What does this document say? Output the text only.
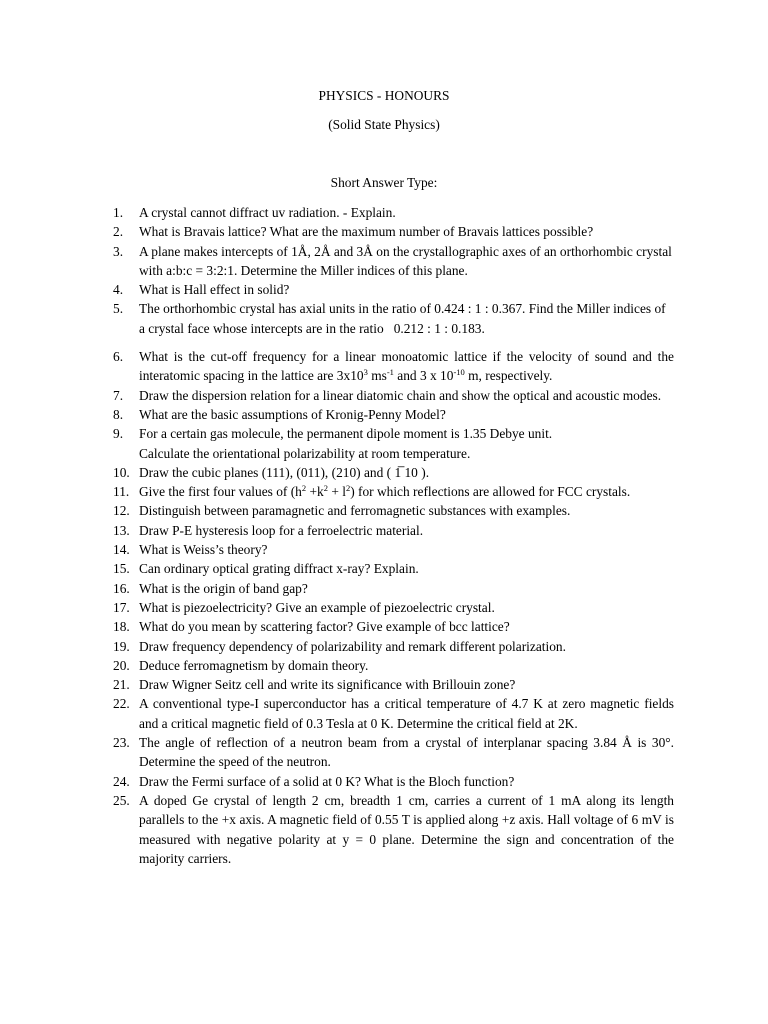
PHYSICS - HONOURS
(Solid State Physics)
Short Answer Type:
1.	A crystal cannot diffract uv radiation. - Explain.
2.	What is Bravais lattice? What are the maximum number of Bravais lattices possible?
3.	A plane makes intercepts of 1Å, 2Å and 3Å on the crystallographic axes of an orthorhombic crystal with a:b:c = 3:2:1. Determine the Miller indices of this plane.
4.	What is Hall effect in solid?
5.	The orthorhombic crystal has axial units in the ratio of 0.424 : 1 : 0.367. Find the Miller indices of a crystal face whose intercepts are in the ratio 0.212 : 1 : 0.183.
6.	What is the cut-off frequency for a linear monoatomic lattice if the velocity of sound and the interatomic spacing in the lattice are $3x10^3$ $ms^{-1}$ and 3 x $10^{-10}$ m, respectively.
7.	Draw the dispersion relation for a linear diatomic chain and show the optical and acoustic modes.
8.	What are the basic assumptions of Kronig-Penny Model?
9.	For a certain gas molecule, the permanent dipole moment is 1.35 Debye unit.
Calculate the orientational polarizability at room temperature.
10. Draw the cubic planes (111), (011), (210) and ( 1̅ 10 ).
11. Give the first four values of $(h^2 +k^2 + l^2)$ for which reflections are allowed for FCC crystals.
12. Distinguish between paramagnetic and ferromagnetic substances with examples.
13. Draw P-E hysteresis loop for a ferroelectric material.
14. What is Weiss’s theory?
15. Can ordinary optical grating diffract x-ray? Explain.
16. What is the origin of band gap?
17. What is piezoelectricity? Give an example of piezoelectric crystal.
18. What do you mean by scattering factor? Give example of bcc lattice?
19. Draw frequency dependency of polarizability and remark different polarization.
20. Deduce ferromagnetism by domain theory.
21. Draw Wigner Seitz cell and write its significance with Brillouin zone?
22. A conventional type-I superconductor has a critical temperature of 4.7 K at zero magnetic fields and a critical magnetic field of 0.3 Tesla at 0 K. Determine the critical field at 2K.
23. The angle of reflection of a neutron beam from a crystal of interplanar spacing 3.84 Å is 30°. Determine the speed of the neutron.
24. Draw the Fermi surface of a solid at 0 K? What is the Bloch function?
25. A doped Ge crystal of length 2 cm, breadth 1 cm, carries a current of 1 mA along its length parallels to the +x axis. A magnetic field of 0.55 T is applied along +z axis. Hall voltage of 6 mV is measured with negative polarity at y = 0 plane. Determine the sign and concentration of the majority carriers.
